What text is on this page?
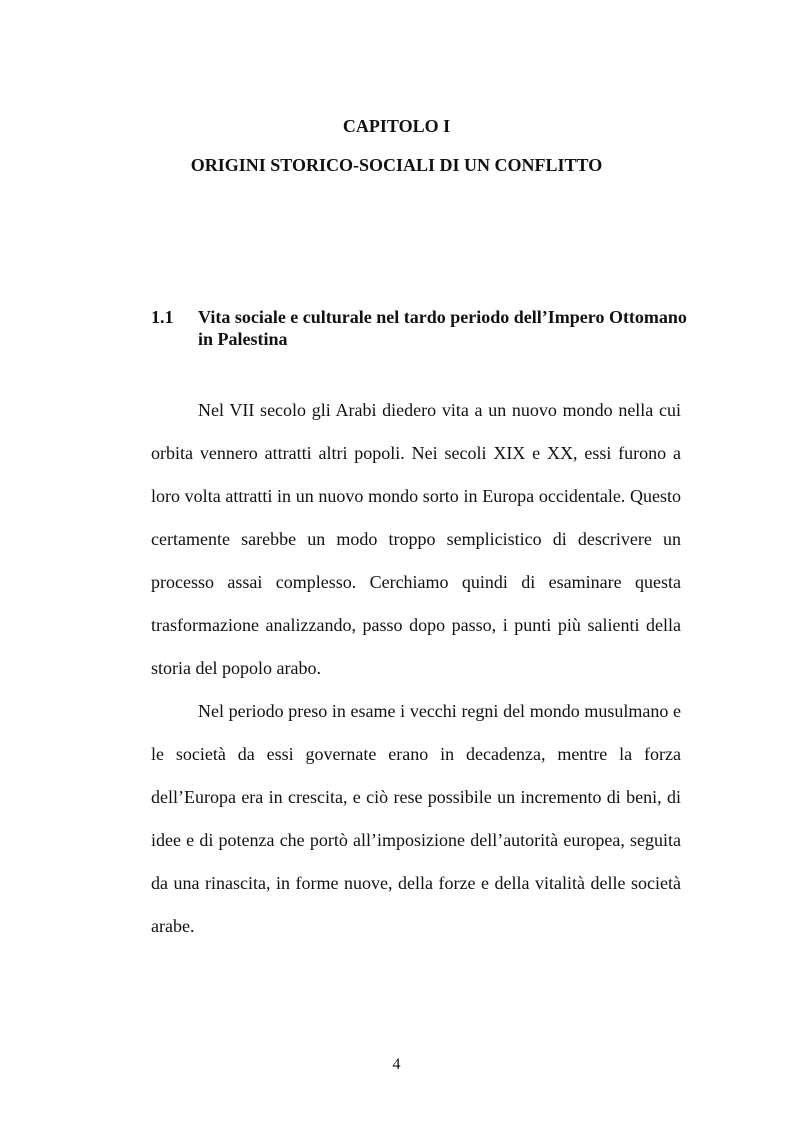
CAPITOLO I
ORIGINI STORICO-SOCIALI DI UN CONFLITTO
1.1 Vita sociale e culturale nel tardo periodo dell’Impero Ottomano in Palestina

Nel VII secolo gli Arabi diedero vita a un nuovo mondo nella cui orbita vennero attratti altri popoli. Nei secoli XIX e XX, essi furono a loro volta attratti in un nuovo mondo sorto in Europa occidentale. Questo certamente sarebbe un modo troppo semplicistico di descrivere un processo assai complesso. Cerchiamo quindi di esaminare questa trasformazione analizzando, passo dopo passo, i punti più salienti della storia del popolo arabo.

Nel periodo preso in esame i vecchi regni del mondo musulmano e le società da essi governate erano in decadenza, mentre la forza dell’Europa era in crescita, e ciò rese possibile un incremento di beni, di idee e di potenza che portò all’imposizione dell’autorità europea, seguita da una rinascita, in forme nuove, della forze e della vitalità delle società arabe.

4
